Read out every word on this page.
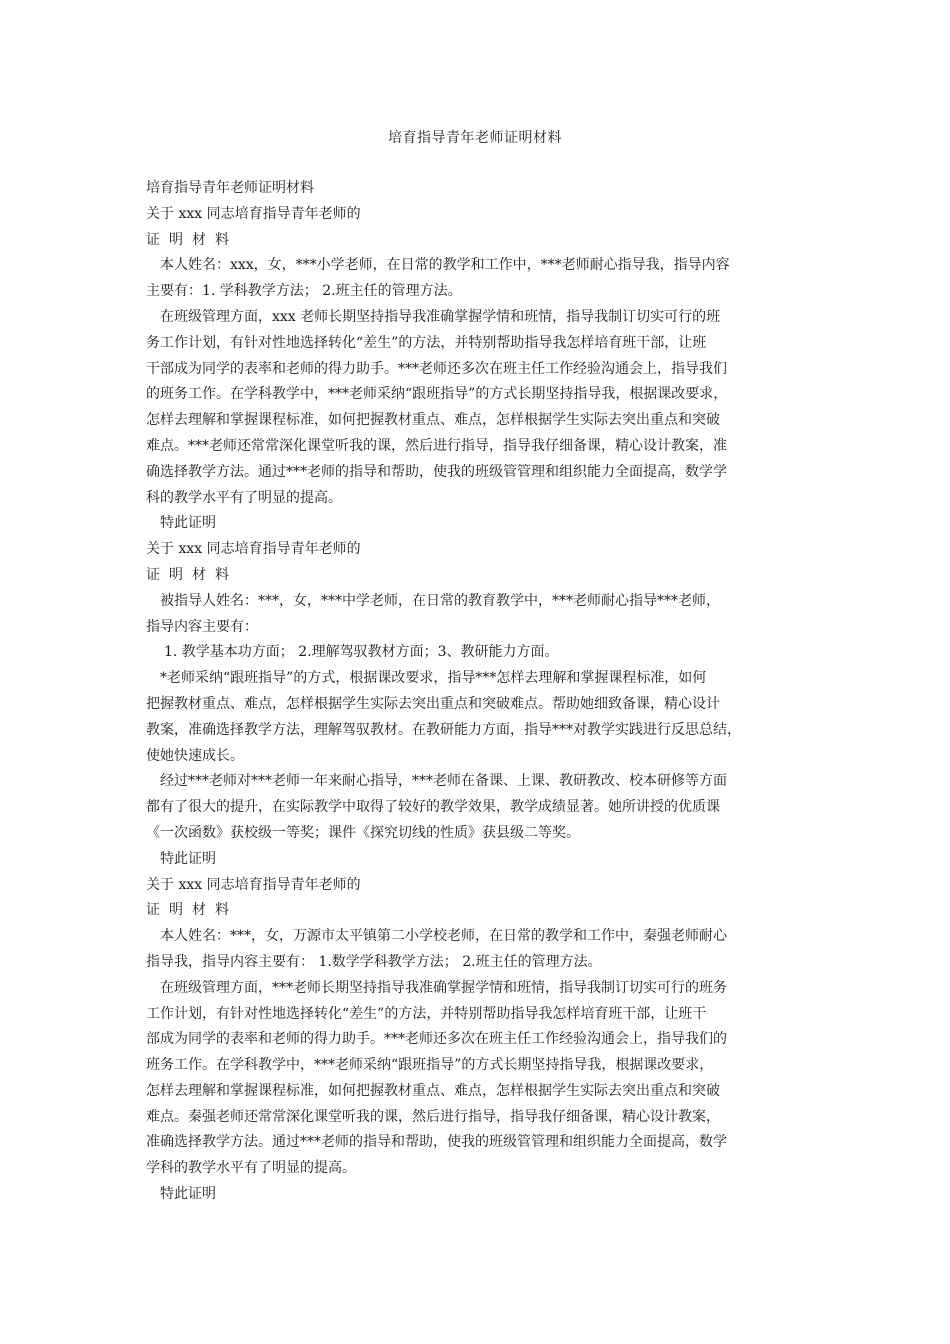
培育指导青年老师证明材料
培育指导青年老师证明材料
关于 xxx 同志培育指导青年老师的
证明材料
本人姓名：xxx，女，***小学老师，在日常的教学和工作中，***老师耐心指导我，指导内容
主要有：1. 学科教学方法； 2.班主任的管理方法。
在班级管理方面，xxx 老师长期坚持指导我准确掌握学情和班情，指导我制订切实可行的班
务工作计划，有针对性地选择转化“差生”的方法，并特别帮助指导我怎样培育班干部，让班
干部成为同学的表率和老师的得力助手。***老师还多次在班主任工作经验沟通会上，指导我们
的班务工作。在学科教学中，***老师采纳“跟班指导”的方式长期坚持指导我，根据课改要求，
怎样去理解和掌握课程标准，如何把握教材重点、难点，怎样根据学生实际去突出重点和突破
难点。***老师还常常深化课堂听我的课，然后进行指导，指导我仔细备课，精心设计教案，准
确选择教学方法。通过***老师的指导和帮助，使我的班级管管理和组织能力全面提高，数学学
科的教学水平有了明显的提高。
特此证明
关于 xxx 同志培育指导青年老师的
证明材料
被指导人姓名：***，女，***中学老师，在日常的教育教学中，***老师耐心指导***老师，
指导内容主要有：
1. 教学基本功方面； 2.理解驾驭教材方面；3、教研能力方面。
*老师采纳“跟班指导”的方式，根据课改要求，指导***怎样去理解和掌握课程标准，如何
把握教材重点、难点，怎样根据学生实际去突出重点和突破难点。帮助她细致备课，精心设计
教案，准确选择教学方法，理解驾驭教材。在教研能力方面，指导***对教学实践进行反思总结，
使她快速成长。
经过***老师对***老师一年来耐心指导，***老师在备课、上课、教研教改、校本研修等方面
都有了很大的提升，在实际教学中取得了较好的教学效果，教学成绩显著。她所讲授的优质课
《一次函数》获校级一等奖；课件《探究切线的性质》获县级二等奖。
特此证明
关于 xxx 同志培育指导青年老师的
证明材料
本人姓名：***，女，万源市太平镇第二小学校老师，在日常的教学和工作中，秦强老师耐心
指导我，指导内容主要有： 1.数学学科教学方法； 2.班主任的管理方法。
在班级管理方面，***老师长期坚持指导我准确掌握学情和班情，指导我制订切实可行的班务
工作计划，有针对性地选择转化“差生”的方法，并特别帮助指导我怎样培育班干部，让班干
部成为同学的表率和老师的得力助手。***老师还多次在班主任工作经验沟通会上，指导我们的
班务工作。在学科教学中，***老师采纳“跟班指导”的方式长期坚持指导我，根据课改要求，
怎样去理解和掌握课程标准，如何把握教材重点、难点，怎样根据学生实际去突出重点和突破
难点。秦强老师还常常深化课堂听我的课，然后进行指导，指导我仔细备课，精心设计教案，
准确选择教学方法。通过***老师的指导和帮助，使我的班级管管理和组织能力全面提高，数学
学科的教学水平有了明显的提高。
特此证明
